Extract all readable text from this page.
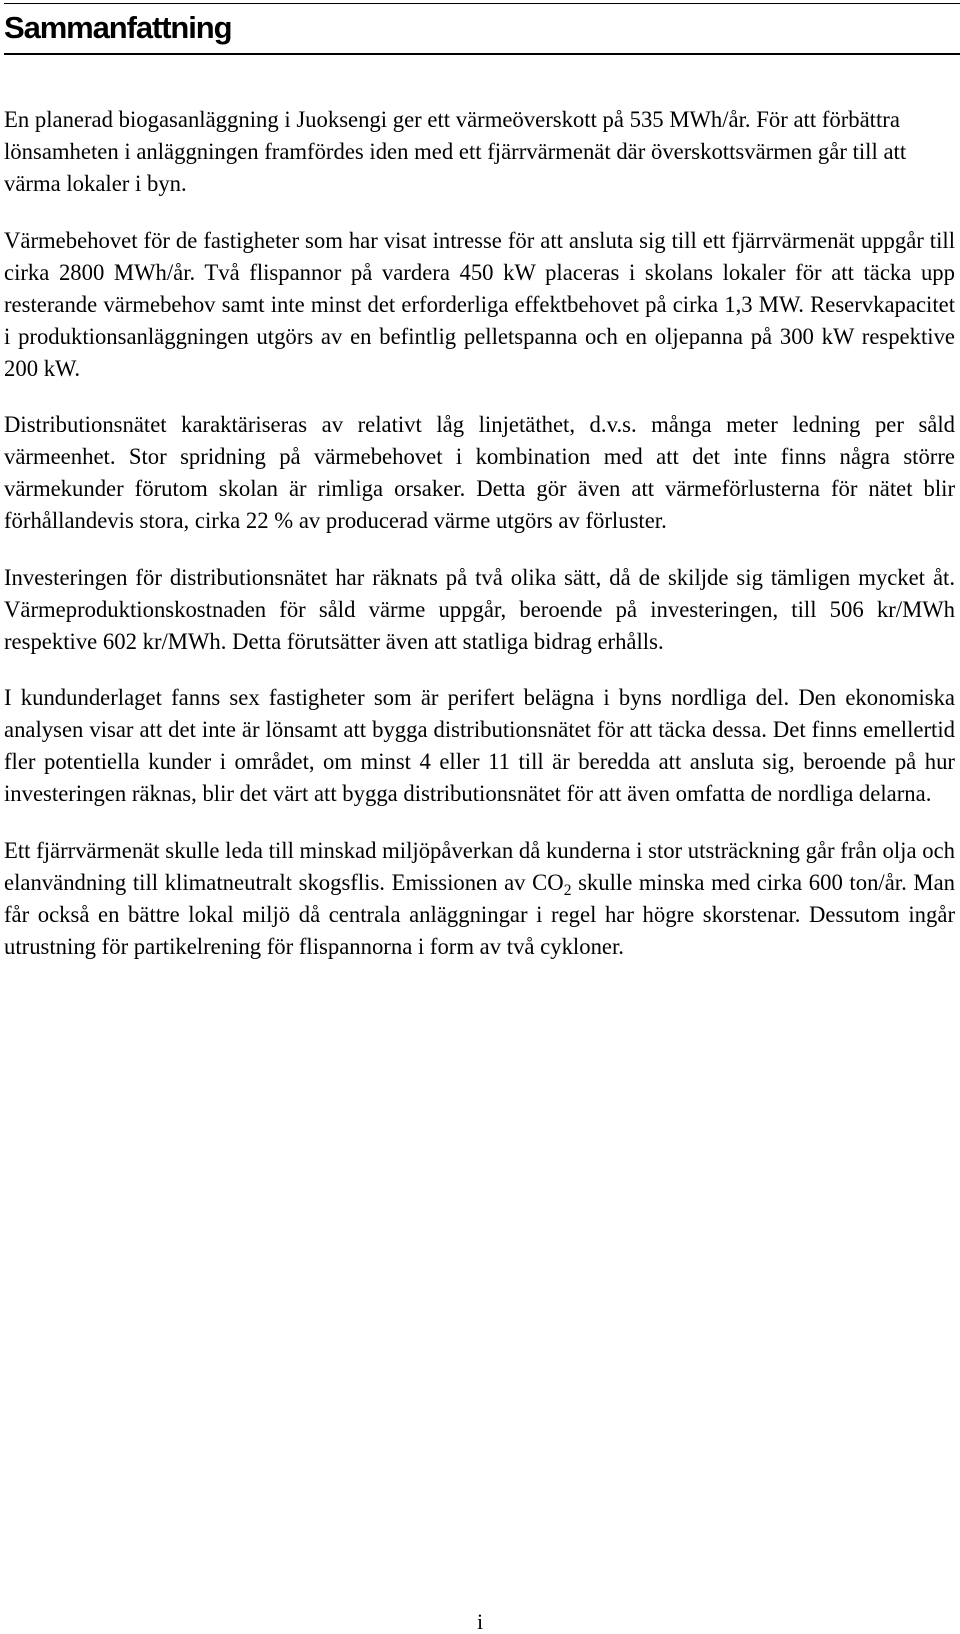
Sammanfattning

En planerad biogasanläggning i Juoksengi ger ett värmeöverskott på 535 MWh/år. För att förbättra lönsamheten i anläggningen framfördes iden med ett fjärrvärmenät där överskottsvärmen går till att värma lokaler i byn.

Värmebehovet för de fastigheter som har visat intresse för att ansluta sig till ett fjärrvärmenät uppgår till cirka 2800 MWh/år. Två flispannor på vardera 450 kW placeras i skolans lokaler för att täcka upp resterande värmebehov samt inte minst det erforderliga effektbehovet på cirka 1,3 MW. Reservkapacitet i produktionsanläggningen utgörs av en befintlig pelletspanna och en oljepanna på 300 kW respektive 200 kW.

Distributionsnätet karaktäriseras av relativt låg linjetäthet, d.v.s. många meter ledning per såld värmeenhet. Stor spridning på värmebehovet i kombination med att det inte finns några större värmekunder förutom skolan är rimliga orsaker. Detta gör även att värmeförlusterna för nätet blir förhållandevis stora, cirka 22 % av producerad värme utgörs av förluster.

Investeringen för distributionsnätet har räknats på två olika sätt, då de skiljde sig tämligen mycket åt. Värmeproduktionskostnaden för såld värme uppgår, beroende på investeringen, till 506 kr/MWh respektive 602 kr/MWh. Detta förutsätter även att statliga bidrag erhålls.

I kundunderlaget fanns sex fastigheter som är perifert belägna i byns nordliga del. Den ekonomiska analysen visar att det inte är lönsamt att bygga distributionsnätet för att täcka dessa. Det finns emellertid fler potentiella kunder i området, om minst 4 eller 11 till är beredda att ansluta sig, beroende på hur investeringen räknas, blir det värt att bygga distributionsnätet för att även omfatta de nordliga delarna.

Ett fjärrvärmenät skulle leda till minskad miljöpåverkan då kunderna i stor utsträckning går från olja och elanvändning till klimatneutralt skogsflis. Emissionen av $CO_2$ skulle minska med cirka 600 ton/år. Man får också en bättre lokal miljö då centrala anläggningar i regel har högre skorstenar. Dessutom ingår utrustning för partikelrening för flispannorna i form av två cykloner.

i
